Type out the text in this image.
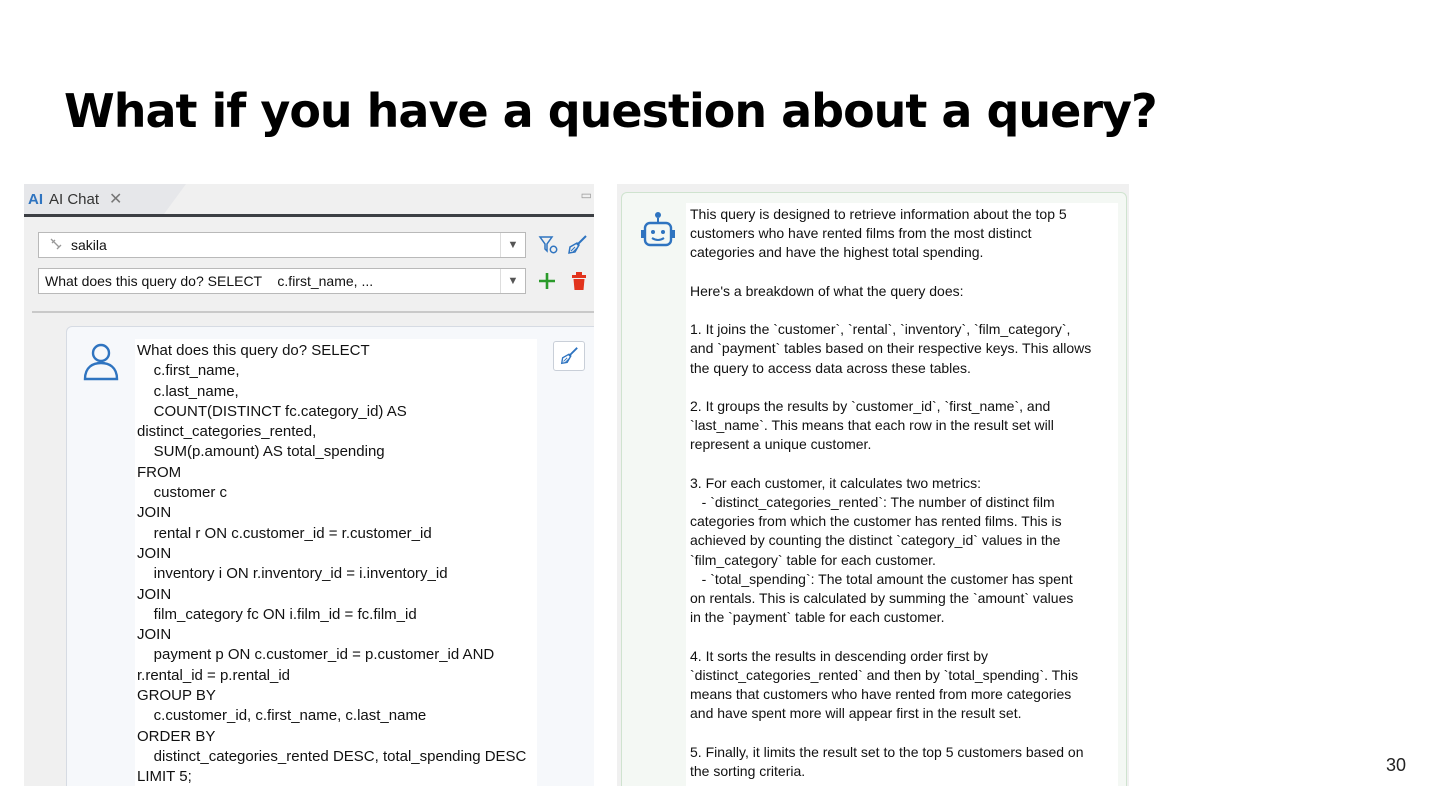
What if you have a question about a query?
AI AI Chat ✕	▭
sakila	▼
What does this query do? SELECT    c.first_name, ...	▼
What does this query do? SELECT
c.first_name,
c.last_name,
COUNT(DISTINCT fc.category_id) AS
distinct_categories_rented,
SUM(p.amount) AS total_spending
FROM
customer c
JOIN
rental r ON c.customer_id = r.customer_id
JOIN
inventory i ON r.inventory_id = i.inventory_id
JOIN
film_category fc ON i.film_id = fc.film_id
JOIN
payment p ON c.customer_id = p.customer_id AND
r.rental_id = p.rental_id
GROUP BY
c.customer_id, c.first_name, c.last_name
ORDER BY
distinct_categories_rented DESC, total_spending DESC
LIMIT 5;
This query is designed to retrieve information about the top 5
customers who have rented films from the most distinct
categories and have the highest total spending.

Here's a breakdown of what the query does:

1. It joins the `customer`, `rental`, `inventory`, `film_category`,
and `payment` tables based on their respective keys. This allows
the query to access data across these tables.

2. It groups the results by `customer_id`, `first_name`, and
`last_name`. This means that each row in the result set will
represent a unique customer.

3. For each customer, it calculates two metrics:
- `distinct_categories_rented`: The number of distinct film
categories from which the customer has rented films. This is
achieved by counting the distinct `category_id` values in the
`film_category` table for each customer.
- `total_spending`: The total amount the customer has spent
on rentals. This is calculated by summing the `amount` values
in the `payment` table for each customer.

4. It sorts the results in descending order first by
`distinct_categories_rented` and then by `total_spending`. This
means that customers who have rented from more categories
and have spent more will appear first in the result set.

5. Finally, it limits the result set to the top 5 customers based on
the sorting criteria.	30
